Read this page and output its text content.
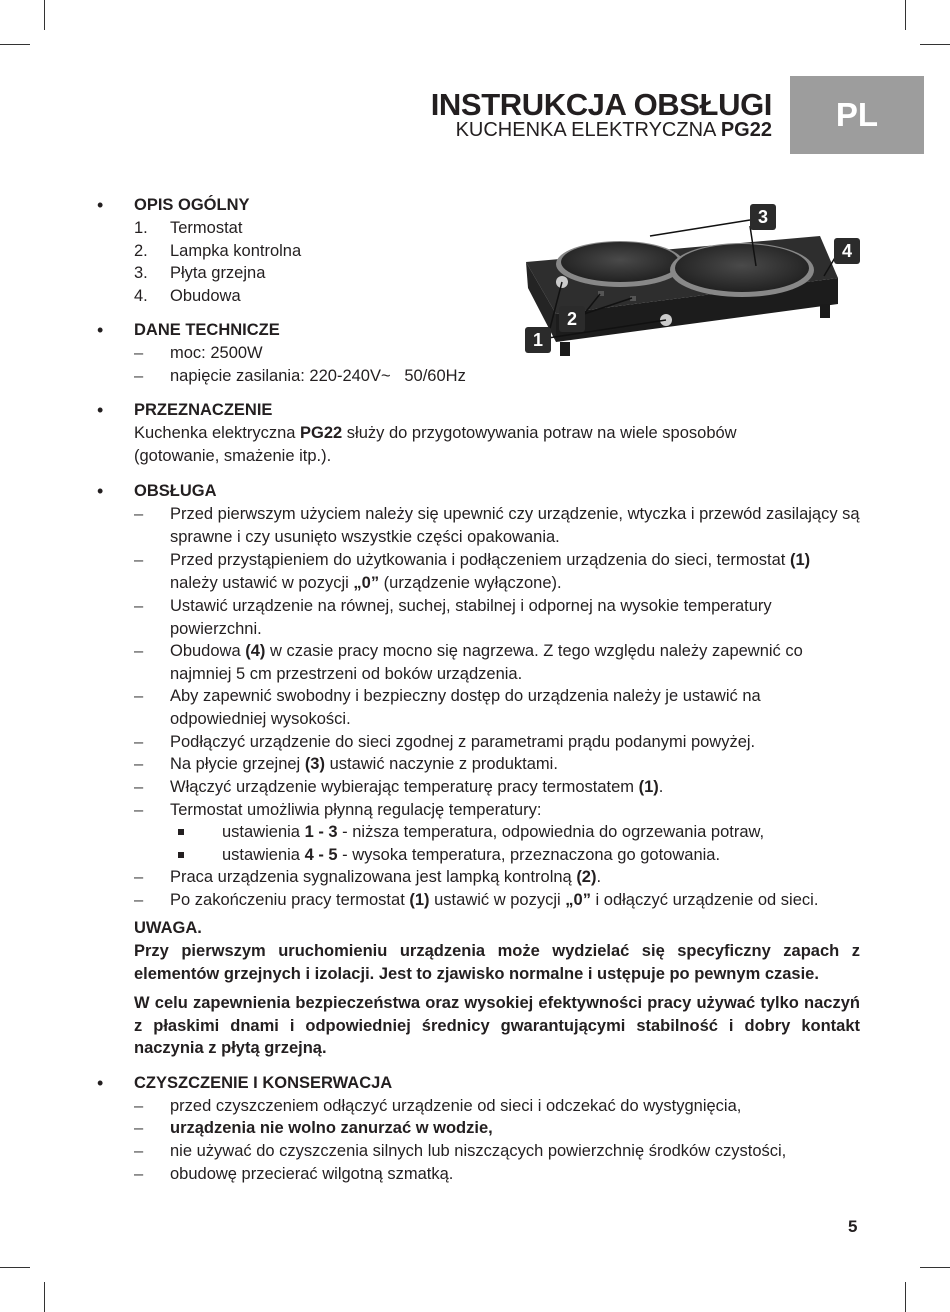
INSTRUKCJA OBSŁUGI
KUCHENKA ELEKTRYCZNA PG22	PL
1
2
3
4
• OPIS OGÓLNY
1. Termostat
2. Lampka kontrolna
3. Płyta grzejna
4. Obudowa
• DANE TECHNICZE
– moc: 2500W
– napięcie zasilania: 220-240V~   50/60Hz
• PRZEZNACZENIE
Kuchenka elektryczna PG22 służy do przygotowywania potraw na wiele sposobów
(gotowanie, smażenie itp.).
• OBSŁUGA
– Przed pierwszym użyciem należy się upewnić czy urządzenie, wtyczka i przewód zasilający są sprawne i czy usunięto wszystkie części opakowania.
– Przed przystąpieniem do użytkowania i podłączeniem urządzenia do sieci, termostat (1) należy ustawić w pozycji „0” (urządzenie wyłączone).
– Ustawić urządzenie na równej, suchej, stabilnej i odpornej na wysokie temperatury powierzchni.
– Obudowa (4) w czasie pracy mocno się nagrzewa. Z tego względu należy zapewnić co najmniej 5 cm przestrzeni od boków urządzenia.
– Aby zapewnić swobodny i bezpieczny dostęp do urządzenia należy je ustawić na odpowiedniej wysokości.
– Podłączyć urządzenie do sieci zgodnej z parametrami prądu podanymi powyżej.
– Na płycie grzejnej (3) ustawić naczynie z produktami.
– Włączyć urządzenie wybierając temperaturę pracy termostatem (1).
– Termostat umożliwia płynną regulację temperatury:
ustawienia 1 - 3 - niższa temperatura, odpowiednia do ogrzewania potraw,
ustawienia 4 - 5 - wysoka temperatura, przeznaczona go gotowania.
– Praca urządzenia sygnalizowana jest lampką kontrolną (2).
– Po zakończeniu pracy termostat (1) ustawić w pozycji „0” i odłączyć urządzenie od sieci.
UWAGA.
Przy pierwszym uruchomieniu urządzenia może wydzielać się specyficzny zapach z elementów grzejnych i izolacji. Jest to zjawisko normalne i ustępuje po pewnym czasie.
W celu zapewnienia bezpieczeństwa oraz wysokiej efektywności pracy używać tylko naczyń z płaskimi dnami i odpowiedniej średnicy gwarantującymi stabilność i dobry kontakt naczynia z płytą grzejną.
• CZYSZCZENIE I KONSERWACJA
– przed czyszczeniem odłączyć urządzenie od sieci i odczekać do wystygnięcia,
– urządzenia nie wolno zanurzać w wodzie,
– nie używać do czyszczenia silnych lub niszczących powierzchnię środków czystości,
– obudowę przecierać wilgotną szmatką.
5
